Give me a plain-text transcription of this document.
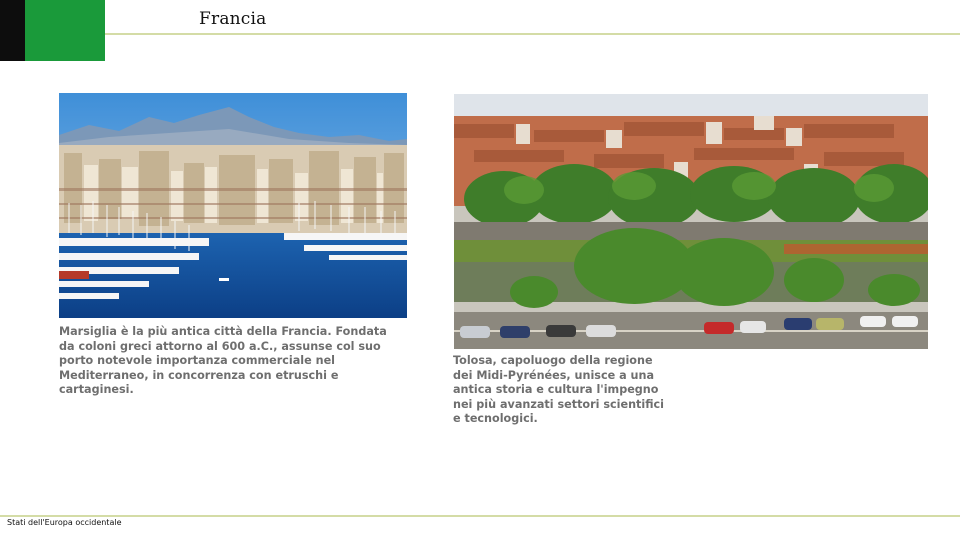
Francia
Marsiglia è la più antica città della Francia. Fondata da coloni greci attorno al 600 a.C., assunse col suo porto notevole importanza commerciale nel Mediterraneo, in concorrenza con etruschi e cartaginesi.
Tolosa, capoluogo della regione dei Midi-Pyrénées, unisce a una antica storia e cultura l'impegno nei più avanzati settori scientifici e tecnologici.
Stati dell'Europa occidentale
